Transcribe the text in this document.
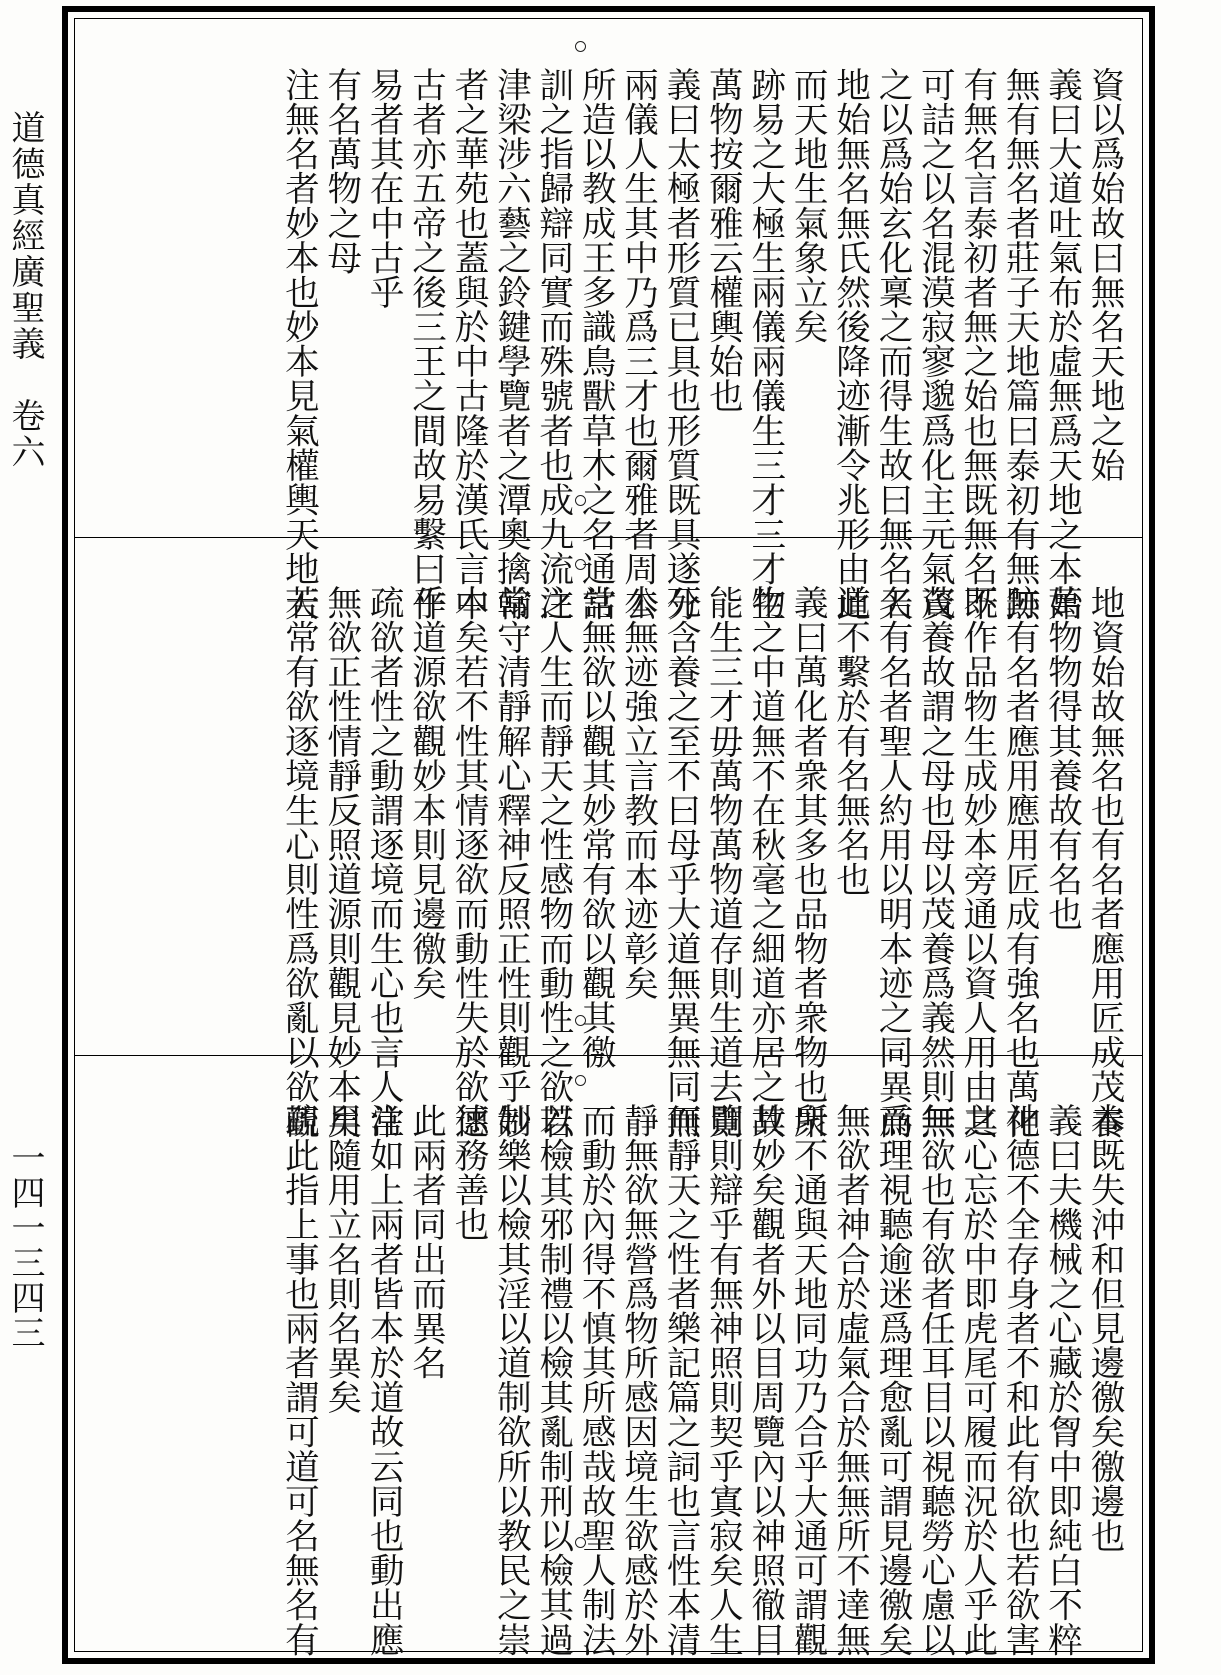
道德真經廣聖義　卷六
一四一三四三
資以爲始故曰無名天地之始
義曰大道吐氣布於虛無爲天地之本始
無有無名者莊子天地篇曰泰初有無無
有無名言泰初者無之始也無既無名不
可詰之以名混漠寂寥邈爲化主元氣資
之以爲始玄化稟之而得生故曰無名天
地始無名無氏然後降迹漸令兆形由此
而天地生氣象立矣
跡易之大極生兩儀兩儀生三才三才生
萬物按爾雅云權輿始也
義曰太極者形質已具也形質既具遂分
兩儀人生其中乃爲三才也爾雅者周公
所造以教成王多識鳥獸草木之名通詁
訓之指歸辯同實而殊號者也成九流之
津梁涉六藝之鈴鍵學覽者之潭奧擒翰
者之華苑也蓋與於中古隆於漢氏言中
古者亦五帝之後三王之間故易繫曰作
易者其在中古乎
有名萬物之母
注無名者妙本也妙本見氣權輿天地天
地資始故無名也有名者應用匠成茂養
萬物物得其養故有名也
跡有名者應用應用匠成有強名也萬化
既作品物生成妙本旁通以資人用由其
茂養故謂之母也母以茂養爲義然則無
名有名者聖人約用以明本迹之同異而
道不繫於有名無名也
義曰萬化者衆其多也品物者衆物也衆
物之中道無不在秋毫之細道亦居之故
能生三才毋萬物萬物道存則生道去則
死含養之至不曰母乎大道無異無同無
本無迹強立言教而本迹彰矣
常無欲以觀其妙常有欲以觀其徼
注人生而靜天之性感物而動性之欲若
常守清靜解心釋神反照正性則觀乎妙
本矣若不性其情逐欲而動性失於欲逑
乎道源欲觀妙本則見邊徼矣
疏欲者性之動謂逐境而生心也言人常
無欲正性情靜反照道源則觀見妙本矣
若常有欲逐境生心則性爲欲亂以欲觀
本既失沖和但見邊徼矣徼邊也
義曰夫機械之心藏於胷中即純白不粹
神德不全存身者不和此有欲也若欲害
之心忘於中即虎尾可履而況於人乎此
無欲也有欲者任耳目以視聽勞心慮以
爲理視聽逾迷爲理愈亂可謂見邊徼矣
無欲者神合於虛氣合於無無所不達無
所不通與天地同功乃合乎大通可謂觀
其妙矣觀者外以目周覽內以神照徹目
覽則辯乎有無神照則契乎寘寂矣人生
而靜天之性者樂記篇之詞也言性本清
靜無欲無營爲物所感因境生欲感於外
而動於內得不慎其所感哉故聖人制法
以檢其邪制禮以檢其亂制刑以檢其過
制樂以檢其淫以道制欲所以教民之崇
德務善也
此兩者同出而異名
注如上兩者皆本於道故云同也動出應
用隨用立名則名異矣
疏此指上事也兩者謂可道可名無名有
